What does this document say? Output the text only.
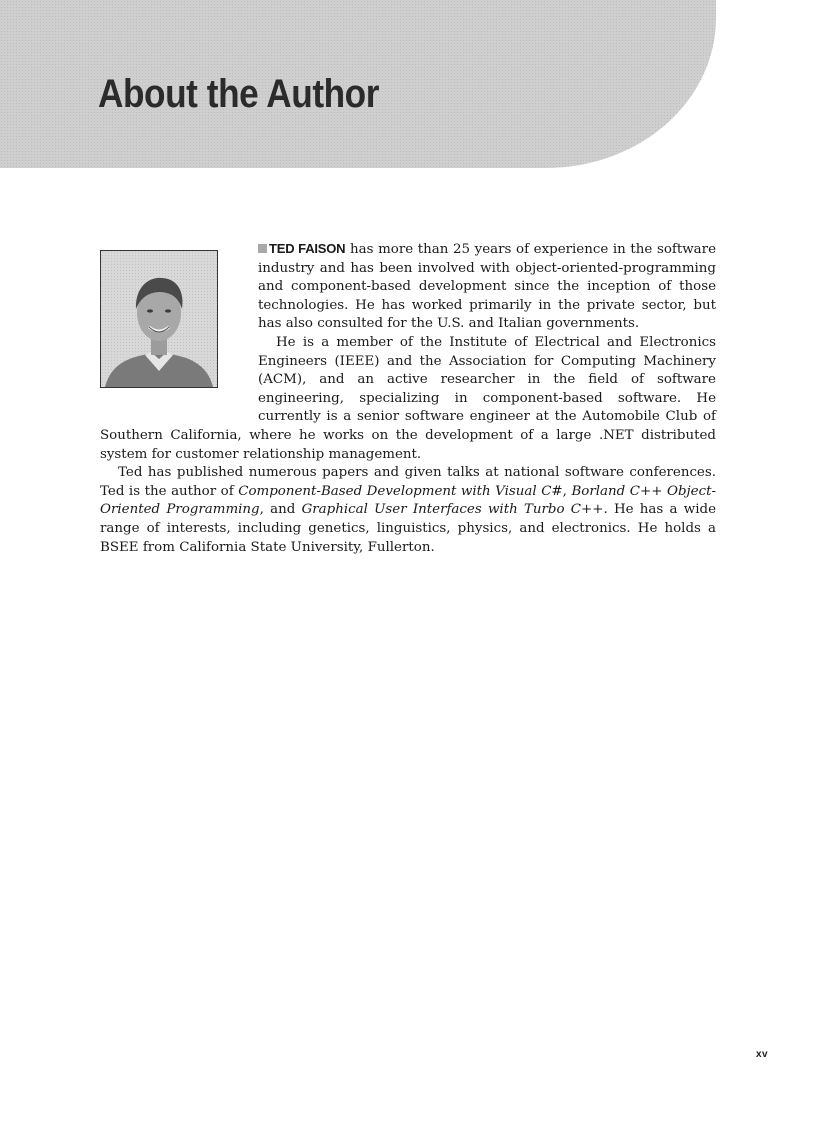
About the Author

TED FAISON has more than 25 years of experience in the software industry and has been involved with object-oriented-programming and component-based development since the inception of those technologies. He has worked primarily in the private sector, but has also consulted for the U.S. and Italian governments.

He is a member of the Institute of Electrical and Electronics Engineers (IEEE) and the Association for Computing Machinery (ACM), and an active researcher in the field of software engineering, specializing in component-based software. He currently is a senior software engineer at the Automobile Club of Southern California, where he works on the development of a large .NET distributed system for customer relationship management.

Ted has published numerous papers and given talks at national software conferences. Ted is the author of Component-Based Development with Visual C#, Borland C++ Object-Oriented Programming, and Graphical User Interfaces with Turbo C++. He has a wide range of interests, including genetics, linguistics, physics, and electronics. He holds a BSEE from California State University, Fullerton.

xv
